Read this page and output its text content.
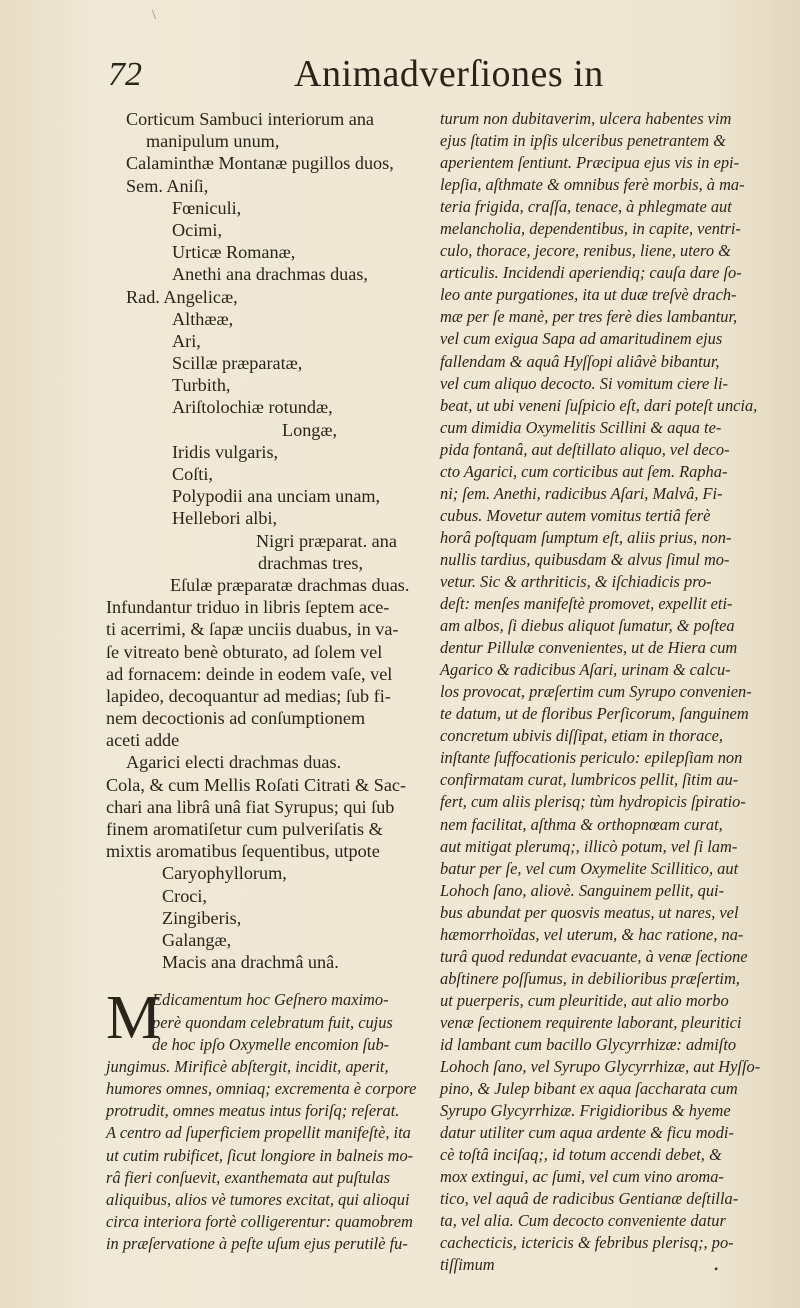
\
72	Animadverſiones in
Corticum Sambuci interiorum ana
manipulum unum,
Calaminthæ Montanæ pugillos duos,
Sem. Aniſi,
Fœniculi,
Ocimi,
Urticæ Romanæ,
Anethi ana drachmas duas,
Rad. Angelicæ,
Althææ,
Ari,
Scillæ præparatæ,
Turbith,
Ariſtolochiæ rotundæ,
Longæ,
Iridis vulgaris,
Coſti,
Polypodii ana unciam unam,
Hellebori albi,
Nigri præparat. ana
drachmas tres,
Eſulæ præparatæ drachmas duas.
Infundantur triduo in libris ſeptem ace-
ti acerrimi, & ſapæ unciis duabus, in va-
ſe vitreato benè obturato, ad ſolem vel
ad fornacem: deinde in eodem vaſe, vel
lapideo, decoquantur ad medias; ſub fi-
nem decoctionis ad conſumptionem
aceti adde
Agarici electi drachmas duas.
Cola, & cum Mellis Roſati Citrati & Sac-
chari ana librâ unâ fiat Syrupus; qui ſub
finem aromatiſetur cum pulveriſatis &
mixtis aromatibus ſequentibus, utpote
Caryophyllorum,
Croci,
Zingiberis,
Galangæ,
Macis ana drachmâ unâ.
M
Edicamentum hoc Geſnero maximo-
perè quondam celebratum fuit, cujus
de hoc ipſo Oxymelle encomion ſub-
jungimus. Mirificè abſtergit, incidit, aperit,
humores omnes, omniaq; excrementa è corpore
protrudit, omnes meatus intus foriſq; reſerat.
A centro ad ſuperficiem propellit manifeſtè, ita
ut cutim rubificet, ſicut longiore in balneis mo-
râ fieri conſuevit, exanthemata aut puſtulas
aliquibus, alios vè tumores excitat, qui alioqui
circa interiora fortè colligerentur: quamobrem
in præſervatione à peſte uſum ejus perutilè fu-
turum non dubitaverim, ulcera habentes vim
ejus ſtatim in ipſis ulceribus penetrantem &
aperientem ſentiunt. Præcipua ejus vis in epi-
lepſia, aſthmate & omnibus ferè morbis, à ma-
teria frigida, craſſa, tenace, à phlegmate aut
melancholia, dependentibus, in capite, ventri-
culo, thorace, jecore, renibus, liene, utero &
articulis. Incidendi aperiendiq; cauſa dare ſo-
leo ante purgationes, ita ut duæ treſvè drach-
mæ per ſe manè, per tres ferè dies lambantur,
vel cum exigua Sapa ad amaritudinem ejus
fallendam & aquâ Hyſſopi aliâvè bibantur,
vel cum aliquo decocto. Si vomitum ciere li-
beat, ut ubi veneni ſuſpicio eſt, dari poteſt uncia,
cum dimidia Oxymelitis Scillini & aqua te-
pida fontanâ, aut deſtillato aliquo, vel deco-
cto Agarici, cum corticibus aut ſem. Rapha-
ni; ſem. Anethi, radicibus Aſari, Malvâ, Fi-
cubus. Movetur autem vomitus tertiâ ferè
horâ poſtquam ſumptum eſt, aliis prius, non-
nullis tardius, quibusdam & alvus ſimul mo-
vetur. Sic & arthriticis, & iſchiadicis pro-
deſt: menſes manifeſtè promovet, expellit eti-
am albos, ſi diebus aliquot ſumatur, & poſtea
dentur Pillulæ convenientes, ut de Hiera cum
Agarico & radicibus Aſari, urinam & calcu-
los provocat, præſertim cum Syrupo convenien-
te datum, ut de floribus Perſicorum, ſanguinem
concretum ubivis diſſipat, etiam in thorace,
inſtante ſuffocationis periculo: epilepſiam non
confirmatam curat, lumbricos pellit, ſitim au-
fert, cum aliis plerisq; tùm hydropicis ſpiratio-
nem facilitat, aſthma & orthopnœam curat,
aut mitigat plerumq;, illicò potum, vel ſi lam-
batur per ſe, vel cum Oxymelite Scillitico, aut
Lohoch ſano, aliovè. Sanguinem pellit, qui-
bus abundat per quosvis meatus, ut nares, vel
hæmorrhoïdas, vel uterum, & hac ratione, na-
turâ quod redundat evacuante, à venæ ſectione
abſtinere poſſumus, in debilioribus præſertim,
ut puerperis, cum pleuritide, aut alio morbo
venæ ſectionem requirente laborant, pleuritici
id lambant cum bacillo Glycyrrhizæ: admiſto
Lohoch ſano, vel Syrupo Glycyrrhizæ, aut Hyſſo-
pino, & Julep bibant ex aqua ſaccharata cum
Syrupo Glycyrrhizæ. Frigidioribus & hyeme
datur utiliter cum aqua ardente & ficu modi-
cè toſtâ inciſaq;, id totum accendi debet, &
mox extingui, ac ſumi, vel cum vino aroma-
tico, vel aquâ de radicibus Gentianæ deſtilla-
ta, vel alia. Cum decocto conveniente datur
cachecticis, ictericis & febribus plerisq;, po-
tiſſimum	•
